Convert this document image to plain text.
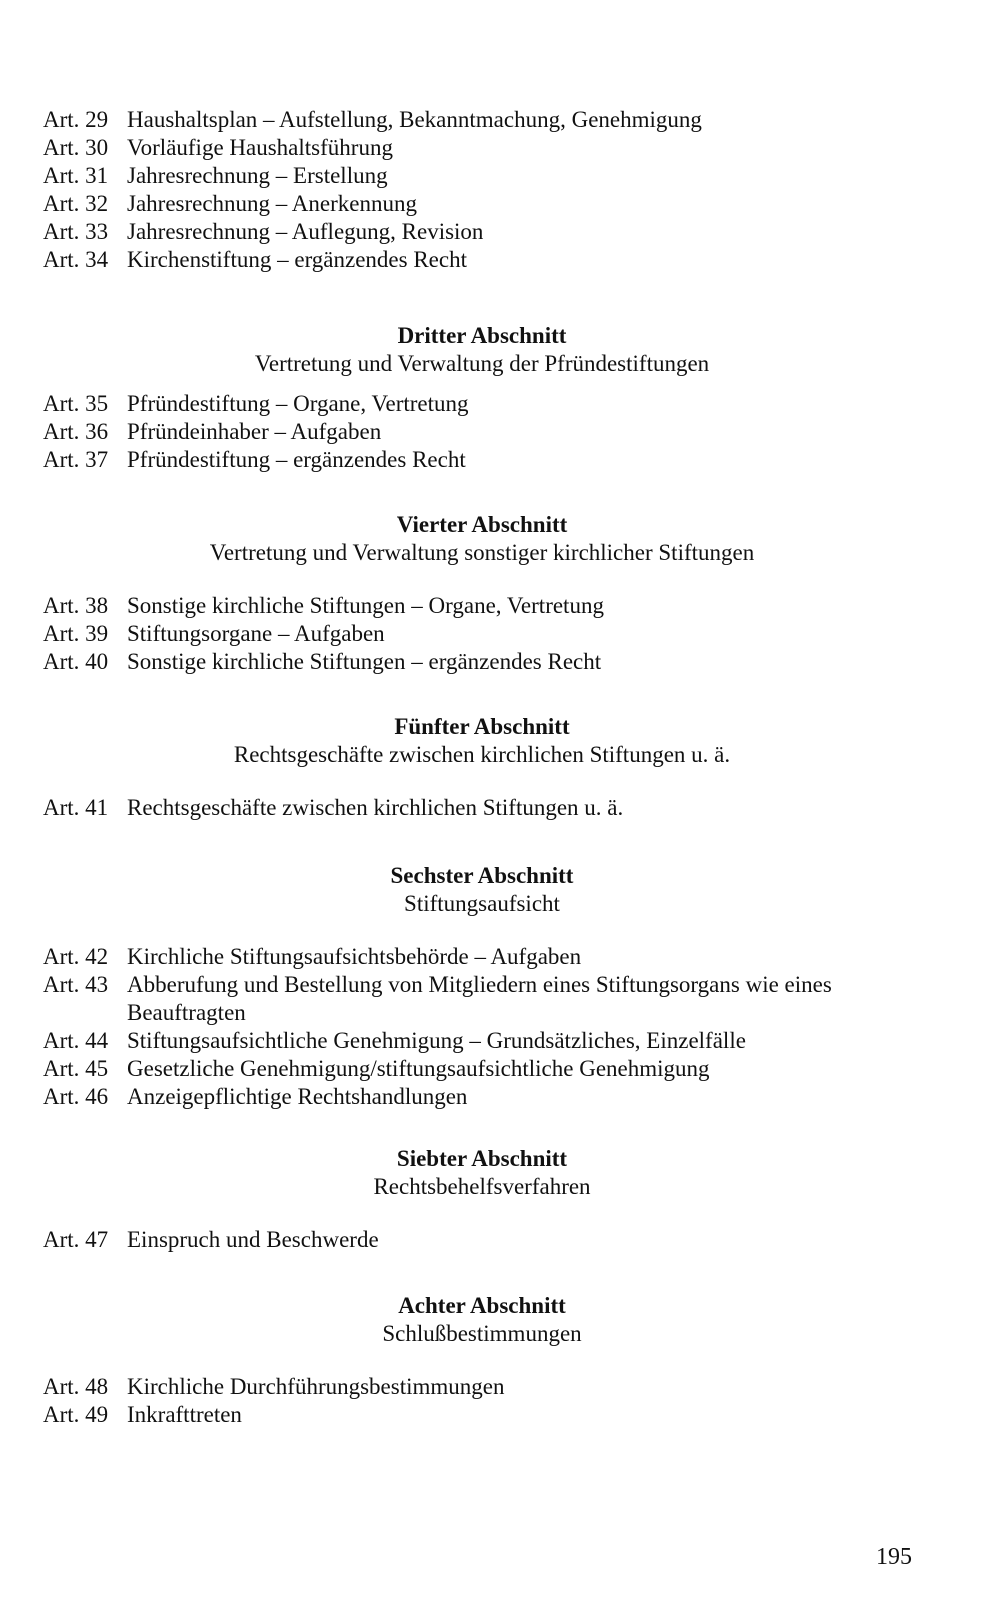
Art. 29 Haushaltsplan – Aufstellung, Bekanntmachung, Genehmigung
Art. 30 Vorläufige Haushaltsführung
Art. 31 Jahresrechnung – Erstellung
Art. 32 Jahresrechnung – Anerkennung
Art. 33 Jahresrechnung – Auflegung, Revision
Art. 34 Kirchenstiftung – ergänzendes Recht
Dritter Abschnitt
Vertretung und Verwaltung der Pfründestiftungen
Art. 35 Pfründestiftung – Organe, Vertretung
Art. 36 Pfründeinhaber – Aufgaben
Art. 37 Pfründestiftung – ergänzendes Recht
Vierter Abschnitt
Vertretung und Verwaltung sonstiger kirchlicher Stiftungen
Art. 38 Sonstige kirchliche Stiftungen – Organe, Vertretung
Art. 39 Stiftungsorgane – Aufgaben
Art. 40 Sonstige kirchliche Stiftungen – ergänzendes Recht
Fünfter Abschnitt
Rechtsgeschäfte zwischen kirchlichen Stiftungen u. ä.
Art. 41 Rechtsgeschäfte zwischen kirchlichen Stiftungen u. ä.
Sechster Abschnitt
Stiftungsaufsicht
Art. 42 Kirchliche Stiftungsaufsichtsbehörde – Aufgaben
Art. 43 Abberufung und Bestellung von Mitgliedern eines Stiftungsorgans wie eines Beauftragten
Art. 44 Stiftungsaufsichtliche Genehmigung – Grundsätzliches, Einzelfälle
Art. 45 Gesetzliche Genehmigung/stiftungsaufsichtliche Genehmigung
Art. 46 Anzeigepflichtige Rechtshandlungen
Siebter Abschnitt
Rechtsbehelfsverfahren
Art. 47 Einspruch und Beschwerde
Achter Abschnitt
Schlußbestimmungen
Art. 48 Kirchliche Durchführungsbestimmungen
Art. 49 Inkrafttreten
195
